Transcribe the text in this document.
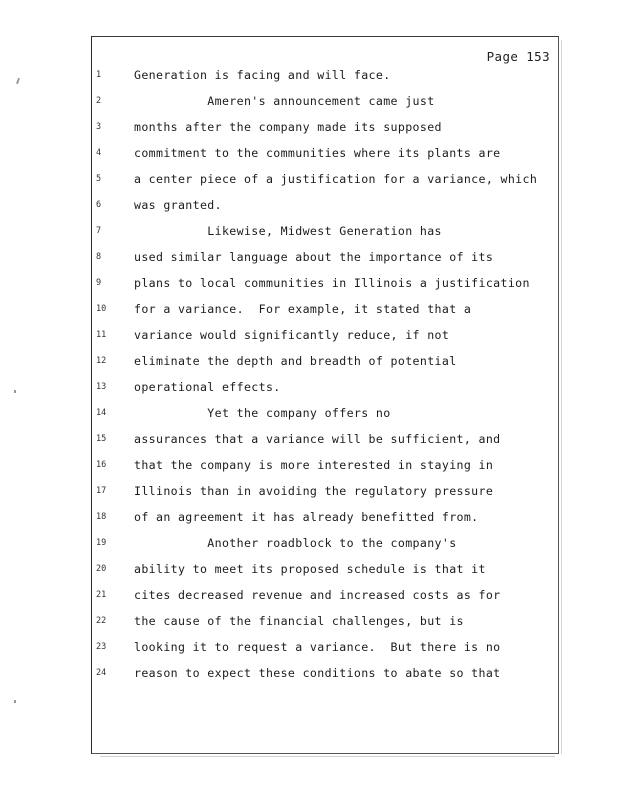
Page 153
1	Generation is facing and will face.
2	Ameren's announcement came just
3	months after the company made its supposed
4	commitment to the communities where its plants are
5	a center piece of a justification for a variance, which
6	was granted.
7	Likewise, Midwest Generation has
8	used similar language about the importance of its
9	plans to local communities in Illinois a justification
10	for a variance.  For example, it stated that a
11	variance would significantly reduce, if not
12	eliminate the depth and breadth of potential
13	operational effects.
14	Yet the company offers no
15	assurances that a variance will be sufficient, and
16	that the company is more interested in staying in
17	Illinois than in avoiding the regulatory pressure
18	of an agreement it has already benefitted from.
19	Another roadblock to the company's
20	ability to meet its proposed schedule is that it
21	cites decreased revenue and increased costs as for
22	the cause of the financial challenges, but is
23	looking it to request a variance.  But there is no
24	reason to expect these conditions to abate so that
